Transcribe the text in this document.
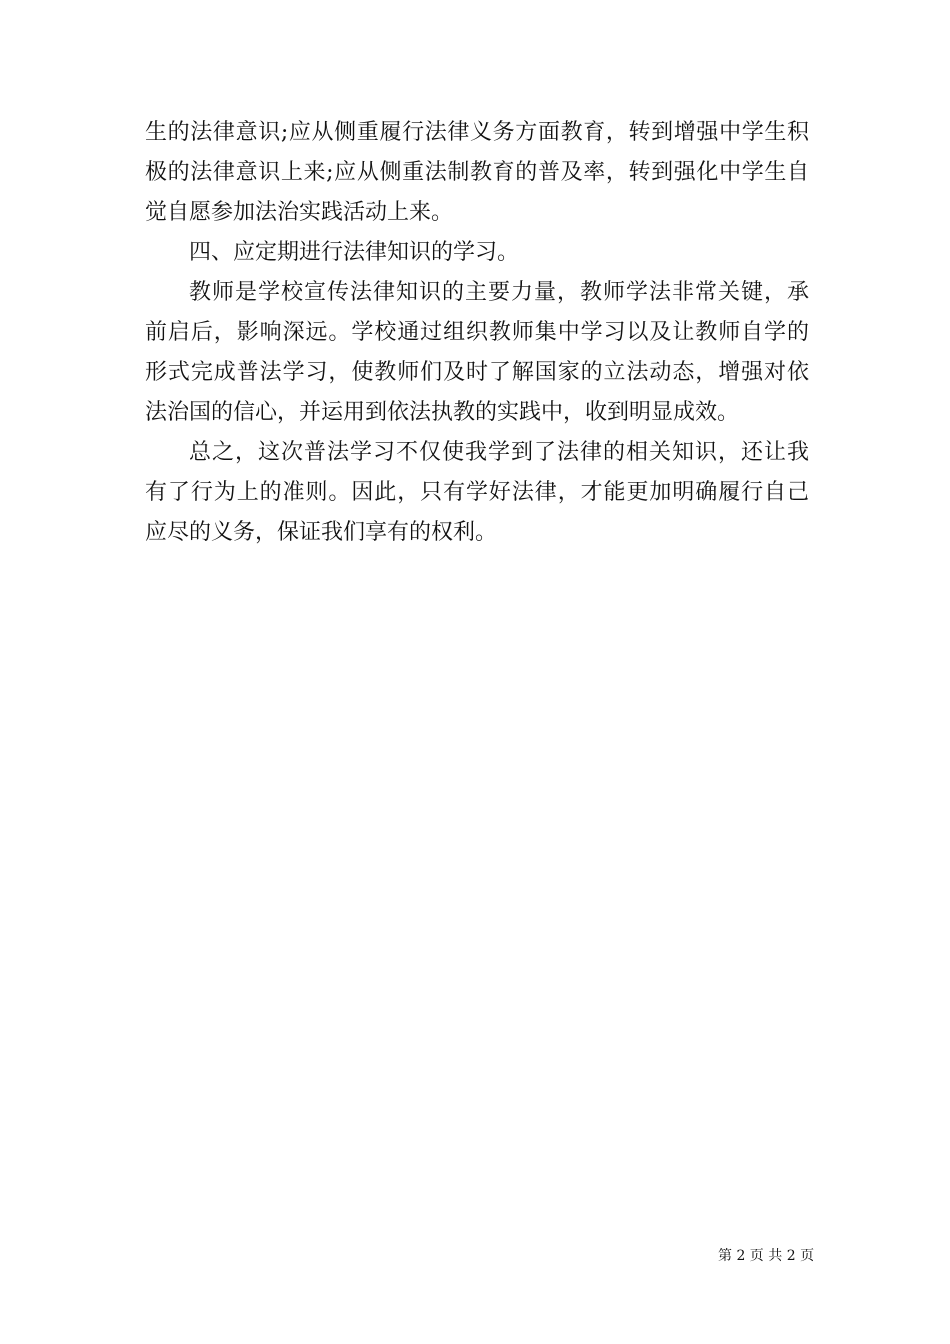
生的法律意识;应从侧重履行法律义务方面教育，转到增强中学生积
极的法律意识上来;应从侧重法制教育的普及率，转到强化中学生自
觉自愿参加法治实践活动上来。
四、应定期进行法律知识的学习。
教师是学校宣传法律知识的主要力量，教师学法非常关键，承
前启后，影响深远。学校通过组织教师集中学习以及让教师自学的
形式完成普法学习，使教师们及时了解国家的立法动态，增强对依
法治国的信心，并运用到依法执教的实践中，收到明显成效。
总之，这次普法学习不仅使我学到了法律的相关知识，还让我
有了行为上的准则。因此，只有学好法律，才能更加明确履行自己
应尽的义务，保证我们享有的权利。
第 2 页 共 2 页
